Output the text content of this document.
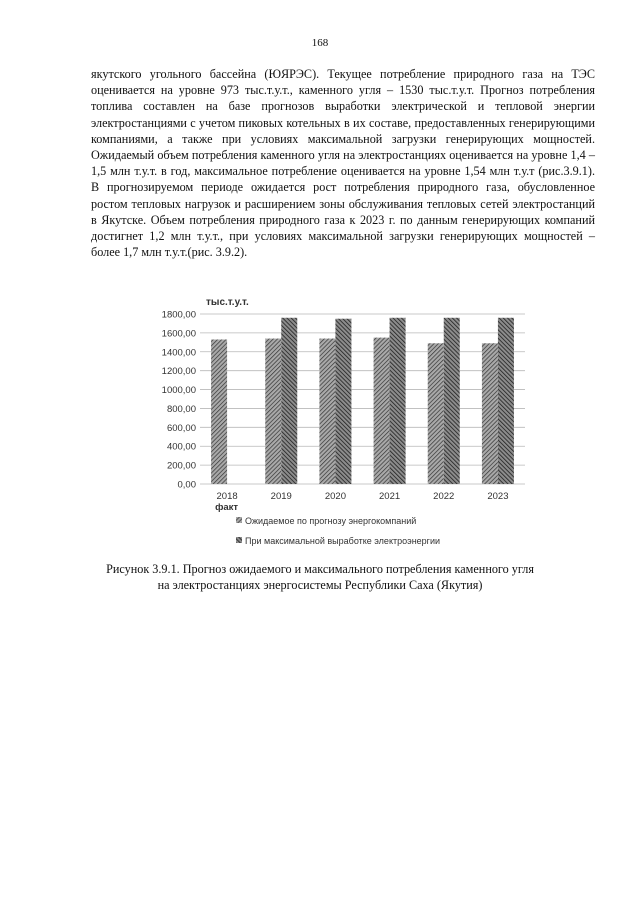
168

якутского угольного бассейна (ЮЯРЭС). Текущее потребление природного газа на ТЭС оценивается на уровне 973 тыс.т.у.т., каменного угля – 1530 тыс.т.у.т. Прогноз потребления топлива составлен на базе прогнозов выработки электрической и тепловой энергии электростанциями с учетом пиковых котельных в их составе, предоставленных генерирующими компаниями, а также при условиях максимальной загрузки генерирующих мощностей. Ожидаемый объем потребления каменного угля на электростанциях оценивается на уровне 1,4 – 1,5 млн т.у.т. в год, максимальное потребление оценивается на уровне 1,54 млн т.у.т (рис.3.9.1). В прогнозируемом периоде ожидается рост потребления природного газа, обусловленное ростом тепловых нагрузок и расширением зоны обслуживания тепловых сетей электростанций в Якутске. Объем потребления природного газа к 2023 г. по данным генерирующих компаний достигнет 1,2 млн т.у.т., при условиях максимальной загрузки генерирующих мощностей – более 1,7 млн т.у.т.(рис. 3.9.2).

тыс.т.у.т.
0,00
200,00
400,00
600,00
800,00
1000,00
1200,00
1400,00
1600,00
1800,00
2018
факт
2019	2020	2021	2022	2023
Ожидаемое по прогнозу энергокомпаний
При максимальной выработке электроэнергии
Рисунок 3.9.1. Прогноз ожидаемого и максимального потребления каменного угля
на электростанциях энергосистемы Республики Саха (Якутия)
